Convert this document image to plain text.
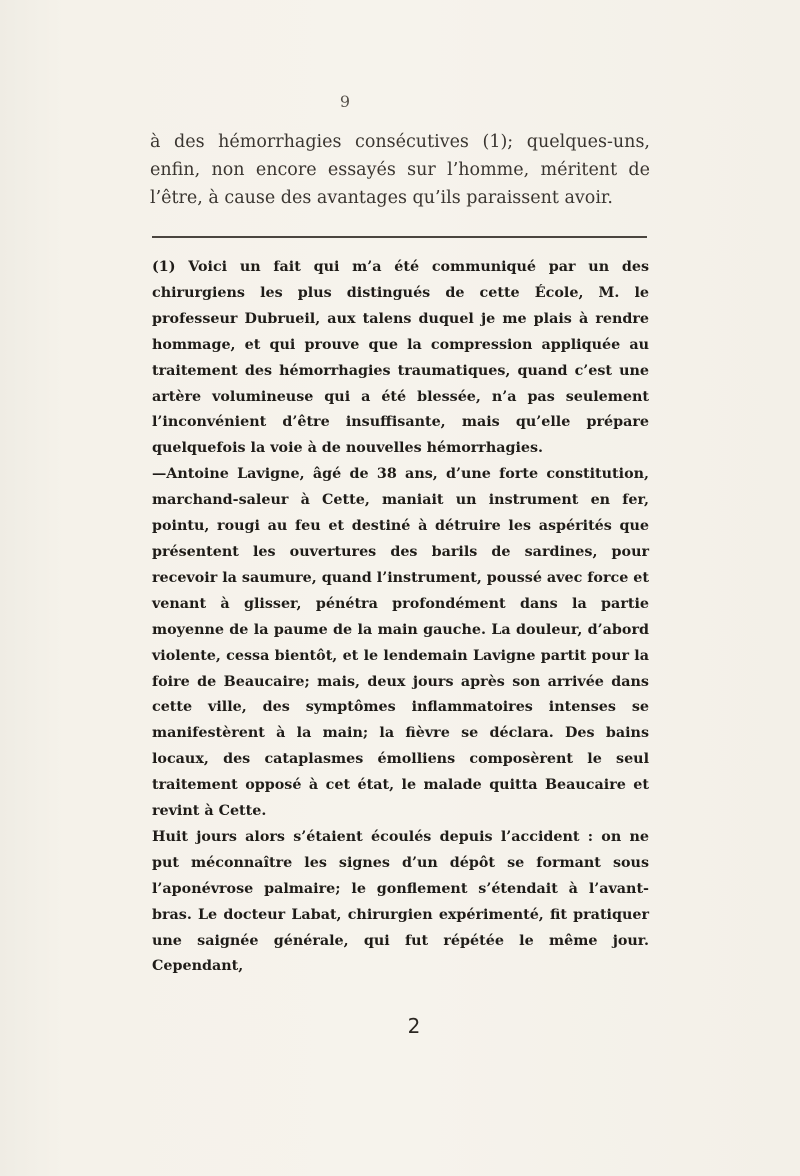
9

à des hémorrhagies consécutives (1); quelques-uns, enfin, non encore essayés sur l’homme, méritent de l’être, à cause des avantages qu’ils paraissent avoir.

(1) Voici un fait qui m’a été communiqué par un des chirurgiens les plus distingués de cette École, M. le professeur Dubrueil, aux talens duquel je me plais à rendre hommage, et qui prouve que la compression appliquée au traitement des hémorrhagies traumatiques, quand c’est une artère volumineuse qui a été blessée, n’a pas seulement l’inconvénient d’être insuffisante, mais qu’elle prépare quelquefois la voie à de nouvelles hémorrhagies.

—Antoine Lavigne, âgé de 38 ans, d’une forte constitution, marchand-saleur à Cette, maniait un instrument en fer, pointu, rougi au feu et destiné à détruire les aspérités que présentent les ouvertures des barils de sardines, pour recevoir la saumure, quand l’instrument, poussé avec force et venant à glisser, pénétra profondément dans la partie moyenne de la paume de la main gauche. La douleur, d’abord violente, cessa bientôt, et le lendemain Lavigne partit pour la foire de Beaucaire; mais, deux jours après son arrivée dans cette ville, des symptômes inflammatoires intenses se manifestèrent à la main; la fièvre se déclara. Des bains locaux, des cataplasmes émolliens composèrent le seul traitement opposé à cet état, le malade quitta Beaucaire et revint à Cette.

Huit jours alors s’étaient écoulés depuis l’accident : on ne put méconnaître les signes d’un dépôt se formant sous l’aponévrose palmaire; le gonflement s’étendait à l’avant-bras. Le docteur Labat, chirurgien expérimenté, fit pratiquer une saignée générale, qui fut répétée le même jour. Cependant,

2
